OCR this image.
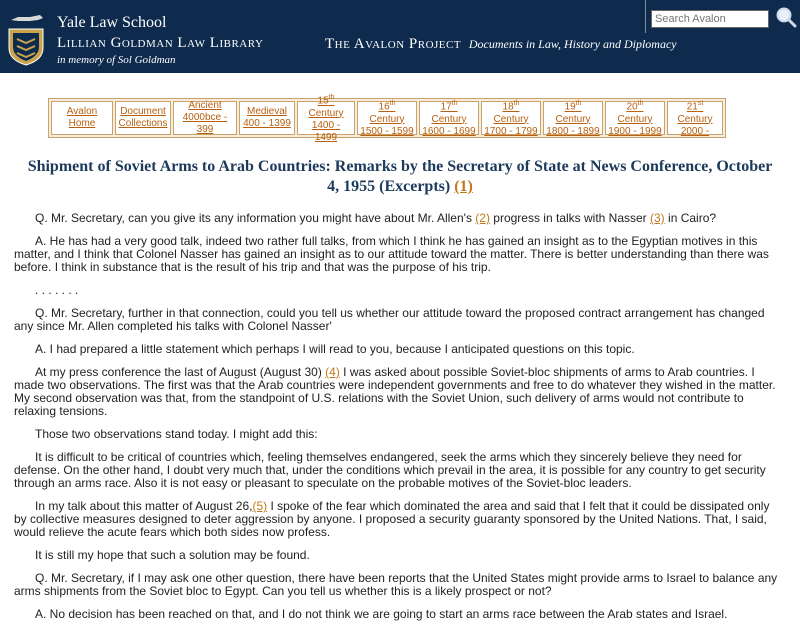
Yale Law School
Lillian Goldman Law Library
in memory of Sol Goldman
The Avalon Project Documents in Law, History and Diplomacy
Search Avalon
Avalon Home
Document
Collections
Ancient
4000bce - 399
Medieval
400 - 1399
15th Century
1400 - 1499
16th Century
1500 - 1599
17th Century
1600 - 1699
18th Century
1700 - 1799
19th Century
1800 - 1899
20th Century
1900 - 1999
21st Century
2000 -
Shipment of Soviet Arms to Arab Countries: Remarks by the Secretary of State at News Conference, October 4, 1955 (Excerpts) (1)

Q. Mr. Secretary, can you give its any information you might have about Mr. Allen's (2) progress in talks with Nasser (3) in Cairo?

A. He has had a very good talk, indeed two rather full talks, from which I think he has gained an insight as to the Egyptian motives in this matter, and I think that Colonel Nasser has gained an insight as to our attitude toward the matter. There is better understanding than there was before. I think in substance that is the result of his trip and that was the purpose of his trip.

. . . . . . .

Q. Mr. Secretary, further in that connection, could you tell us whether our attitude toward the proposed contract arrangement has changed any since Mr. Allen completed his talks with Colonel Nasser'

A. I had prepared a little statement which perhaps I will read to you, because I anticipated questions on this topic.

At my press conference the last of August (August 30) (4) I was asked about possible Soviet-bloc shipments of arms to Arab countries. I made two observations. The first was that the Arab countries were independent governments and free to do whatever they wished in the matter. My second observation was that, from the standpoint of U.S. relations with the Soviet Union, such delivery of arms would not contribute to relaxing tensions.

Those two observations stand today. I might add this:

It is difficult to be critical of countries which, feeling themselves endangered, seek the arms which they sincerely believe they need for defense. On the other hand, I doubt very much that, under the conditions which prevail in the area, it is possible for any country to get security through an arms race. Also it is not easy or pleasant to speculate on the probable motives of the Soviet-bloc leaders.

In my talk about this matter of August 26,(5) I spoke of the fear which dominated the area and said that I felt that it could be dissipated only by collective measures designed to deter aggression by anyone. I proposed a security guaranty sponsored by the United Nations. That, I said, would relieve the acute fears which both sides now profess.

It is still my hope that such a solution may be found.

Q. Mr. Secretary, if I may ask one other question, there have been reports that the United States might provide arms to Israel to balance any arms shipments from the Soviet bloc to Egypt. Can you tell us whether this is a likely prospect or not?

A. No decision has been reached on that, and I do not think we are going to start an arms race between the Arab states and Israel.
